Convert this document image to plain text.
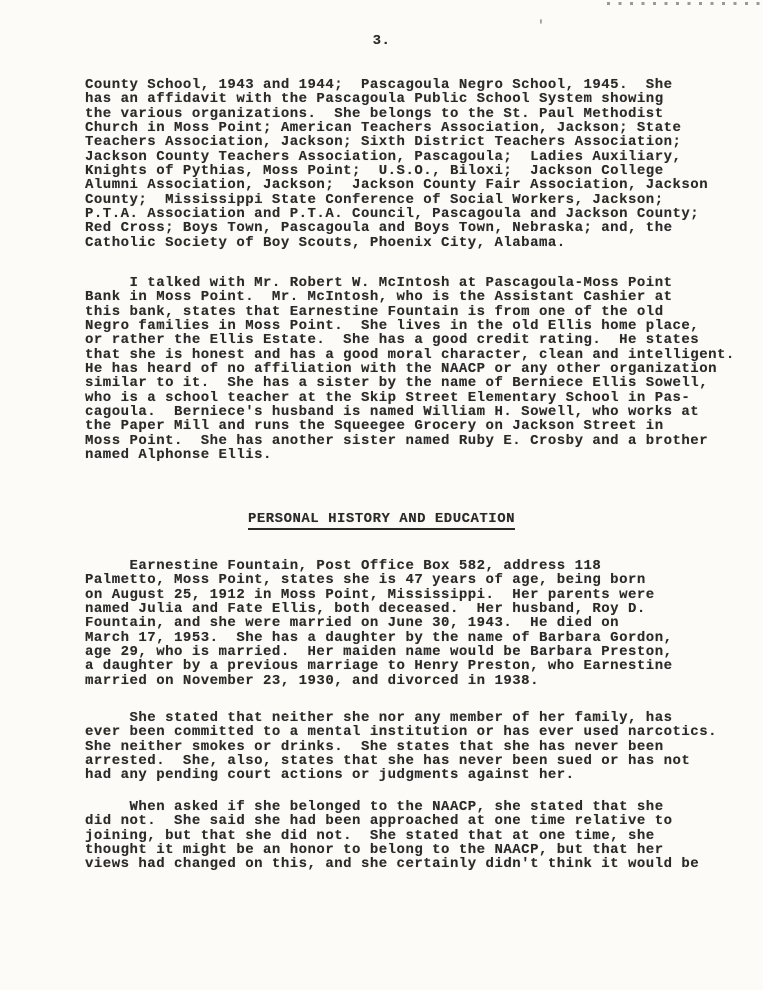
'
3.
County School, 1943 and 1944;  Pascagoula Negro School, 1945.  She
has an affidavit with the Pascagoula Public School System showing
the various organizations.  She belongs to the St. Paul Methodist
Church in Moss Point; American Teachers Association, Jackson; State
Teachers Association, Jackson; Sixth District Teachers Association;
Jackson County Teachers Association, Pascagoula;  Ladies Auxiliary,
Knights of Pythias, Moss Point;  U.S.O., Biloxi;  Jackson College
Alumni Association, Jackson;  Jackson County Fair Association, Jackson
County;  Mississippi State Conference of Social Workers, Jackson;
P.T.A. Association and P.T.A. Council, Pascagoula and Jackson County;
Red Cross; Boys Town, Pascagoula and Boys Town, Nebraska; and, the
Catholic Society of Boy Scouts, Phoenix City, Alabama.
I talked with Mr. Robert W. McIntosh at Pascagoula-Moss Point
Bank in Moss Point.  Mr. McIntosh, who is the Assistant Cashier at
this bank, states that Earnestine Fountain is from one of the old
Negro families in Moss Point.  She lives in the old Ellis home place,
or rather the Ellis Estate.  She has a good credit rating.  He states
that she is honest and has a good moral character, clean and intelligent.
He has heard of no affiliation with the NAACP or any other organization
similar to it.  She has a sister by the name of Berniece Ellis Sowell,
who is a school teacher at the Skip Street Elementary School in Pas-
cagoula.  Berniece's husband is named William H. Sowell, who works at
the Paper Mill and runs the Squeegee Grocery on Jackson Street in
Moss Point.  She has another sister named Ruby E. Crosby and a brother
named Alphonse Ellis.
PERSONAL HISTORY AND EDUCATION
Earnestine Fountain, Post Office Box 582, address 118
Palmetto, Moss Point, states she is 47 years of age, being born
on August 25, 1912 in Moss Point, Mississippi.  Her parents were
named Julia and Fate Ellis, both deceased.  Her husband, Roy D.
Fountain, and she were married on June 30, 1943.  He died on
March 17, 1953.  She has a daughter by the name of Barbara Gordon,
age 29, who is married.  Her maiden name would be Barbara Preston,
a daughter by a previous marriage to Henry Preston, who Earnestine
married on November 23, 1930, and divorced in 1938.
She stated that neither she nor any member of her family, has
ever been committed to a mental institution or has ever used narcotics.
She neither smokes or drinks.  She states that she has never been
arrested.  She, also, states that she has never been sued or has not
had any pending court actions or judgments against her.
When asked if she belonged to the NAACP, she stated that she
did not.  She said she had been approached at one time relative to
joining, but that she did not.  She stated that at one time, she
thought it might be an honor to belong to the NAACP, but that her
views had changed on this, and she certainly didn't think it would be
